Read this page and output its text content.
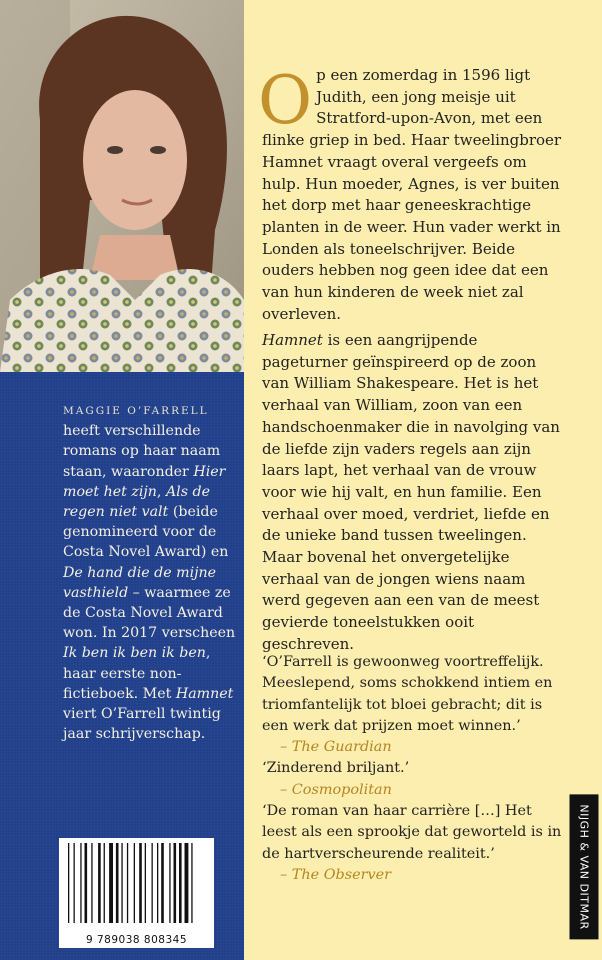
MAGGIE O’FARRELL heeft verschillende romans op haar naam staan, waaronder Hier moet het zijn, Als de regen niet valt (beide genomineerd voor de Costa Novel Award) en De hand die de mijne vasthield – waarmee ze de Costa Novel Award won. In 2017 verscheen Ik ben ik ben ik ben, haar eerste non-fictieboek. Met Hamnet viert O’Farrell twintig jaar schrijverschap.
9 789038 808345
Op een zomerdag in 1596 ligt Judith, een jong meisje uit Stratford-upon-Avon, met een flinke griep in bed. Haar tweelingbroer Hamnet vraagt overal vergeefs om hulp. Hun moeder, Agnes, is ver buiten het dorp met haar geneeskrachtige planten in de weer. Hun vader werkt in Londen als toneelschrijver. Beide ouders hebben nog geen idee dat een van hun kinderen de week niet zal overleven.
Hamnet is een aangrijpende pageturner geïnspireerd op de zoon van William Shakespeare. Het is het verhaal van William, zoon van een handschoenmaker die in navolging van de liefde zijn vaders regels aan zijn laars lapt, het verhaal van de vrouw voor wie hij valt, en hun familie. Een verhaal over moed, verdriet, liefde en de unieke band tussen tweelingen. Maar bovenal het onvergetelijke verhaal van de jongen wiens naam werd gegeven aan een van de meest gevierde toneelstukken ooit geschreven.
‘O’Farrell is gewoonweg voortreffelijk. Meeslepend, soms schokkend intiem en triomfantelijk tot bloei gebracht; dit is een werk dat prijzen moet winnen.’
– The Guardian
‘Zinderend briljant.’
– Cosmopolitan
‘De roman van haar carrière […] Het leest als een sprookje dat geworteld is in de hartverscheurende realiteit.’
– The Observer	NIJGH & VAN DITMAR
